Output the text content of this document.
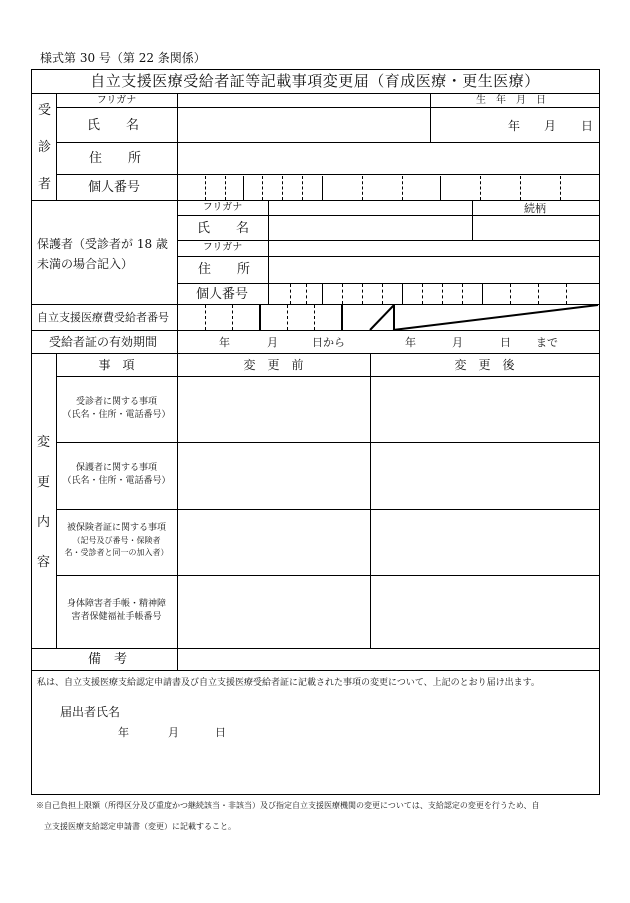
様式第 30 号（第 22 条関係）
自立支援医療受給者証等記載事項変更届（育成医療・更生医療）
受
診
者
フリガナ	生　年　月　日
氏　　名	年 月 日
住　　所
個人番号
保護者（受診者が 18 歳
未満の場合記入）
フリガナ	続柄
氏　　名
フリガナ
住　　所
個人番号
自立支援医療費受給者番号
受給者証の有効期間	年	月	日から	年	月	日 まで
変
更
内
容
事　項	変　更　前	変　更　後
受診者に関する事項
（氏名・住所・電話番号）
保護者に関する事項
（氏名・住所・電話番号）
被保険者証に関する事項
（記号及び番号・保険者
名・受診者と同一の加入者）
身体障害者手帳・精神障
害者保健福祉手帳番号
備　考
私は、自立支援医療支給認定申請書及び自立支援医療受給者証に記載された事項の変更について、上記のとおり届け出ます。
届出者氏名
年	月	日
※自己負担上限額（所得区分及び重度かつ継続該当・非該当）及び指定自立支援医療機関の変更については、支給認定の変更を行うため、自
立支援医療支給認定申請書（変更）に記載すること。
